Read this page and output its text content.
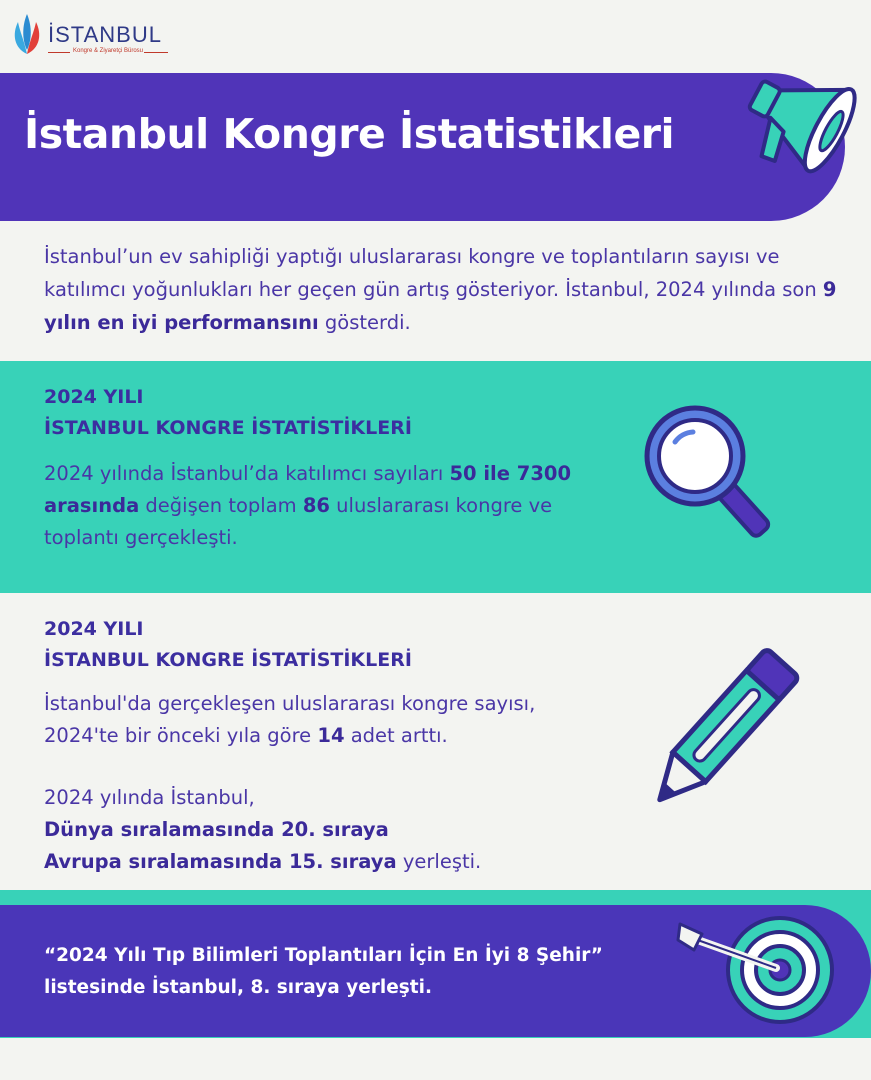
İSTANBUL
Kongre & Ziyaretçi Bürosu
İstanbul Kongre İstatistikleri

İstanbul’un ev sahipliği yaptığı uluslararası kongre ve toplantıların sayısı ve katılımcı yoğunlukları her geçen gün artış gösteriyor. İstanbul, 2024 yılında son 9 yılın en iyi performansını gösterdi.

2024 YILI
İSTANBUL KONGRE İSTATİSTİKLERİ

2024 yılında İstanbul’da katılımcı sayıları 50 ile 7300 arasında değişen toplam 86 uluslararası kongre ve toplantı gerçekleşti.

2024 YILI
İSTANBUL KONGRE İSTATİSTİKLERİ

İstanbul'da gerçekleşen uluslararası kongre sayısı, 2024'te bir önceki yıla göre 14 adet arttı.

2024 yılında İstanbul,
Dünya sıralamasında 20. sıraya
Avrupa sıralamasında 15. sıraya yerleşti.
“2024 Yılı Tıp Bilimleri Toplantıları İçin En İyi 8 Şehir”
listesinde İstanbul, 8. sıraya yerleşti.
